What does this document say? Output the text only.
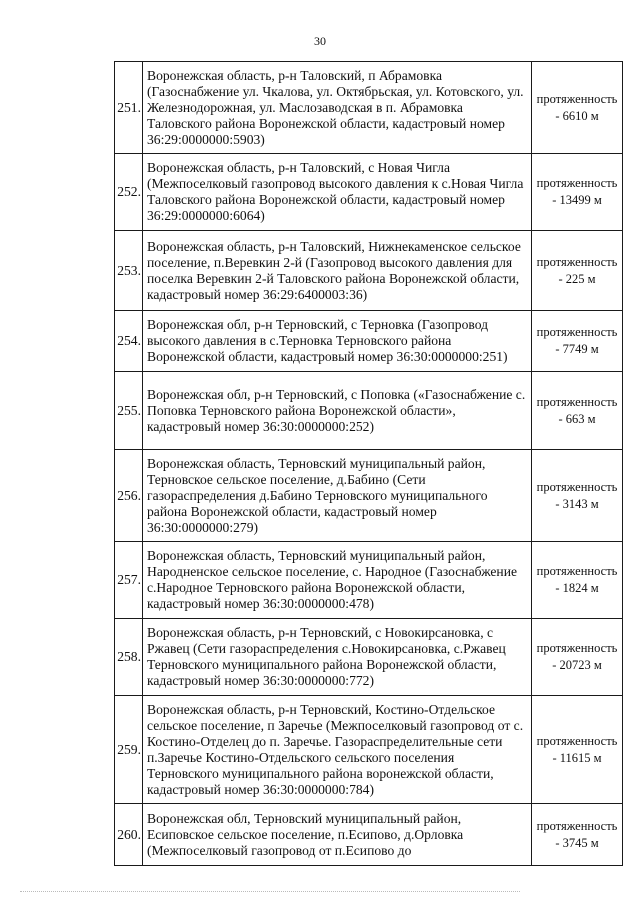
30
251.	Воронежская область, р-н Таловский, п Абрамовка (Газоснабжение ул. Чкалова, ул. Октябрьская, ул. Котовского, ул. Железнодорожная, ул. Маслозаводская в п. Абрамовка Таловского района Воронежской области, кадастровый номер 36:29:0000000:5903)	протяженность
- 6610 м

252.	Воронежская область, р-н Таловский, с Новая Чигла (Межпоселковый газопровод высокого давления к с.Новая Чигла Таловского района Воронежской области, кадастровый номер 36:29:0000000:6064)	протяженность
- 13499 м

253.	Воронежская область, р-н Таловский, Нижнекаменское сельское поселение, п.Веревкин 2-й (Газопровод высокого давления для поселка Веревкин 2-й Таловского района Воронежской области, кадастровый номер 36:29:6400003:36)	протяженность
- 225 м

254.	Воронежская обл, р-н Терновский, с Терновка (Газопровод высокого давления в с.Терновка Терновского района Воронежской области, кадастровый номер 36:30:0000000:251)	протяженность
- 7749 м

255.	Воронежская обл, р-н Терновский, с Поповка («Газоснабжение с. Поповка Терновского района Воронежской области», кадастровый номер 36:30:0000000:252)	протяженность
- 663 м

256.	Воронежская область, Терновский муниципальный район, Терновское сельское поселение, д.Бабино (Сети газораспределения д.Бабино Терновского муниципального района Воронежской области, кадастровый номер 36:30:0000000:279)	протяженность
- 3143 м

257.	Воронежская область, Терновский муниципальный район, Народненское сельское поселение, с. Народное (Газоснабжение с.Народное Терновского района Воронежской области, кадастровый номер 36:30:0000000:478)	протяженность
- 1824 м

258.	Воронежская область, р-н Терновский, с Новокирсановка, с Ржавец (Сети газораспределения с.Новокирсановка, с.Ржавец Терновского муниципального района Воронежской области, кадастровый номер 36:30:0000000:772)	протяженность
- 20723 м

259.	Воронежская область, р-н Терновский, Костино-Отдельское сельское поселение, п Заречье (Межпоселковый газопровод от с. Костино-Отделец до п. Заречье. Газораспределительные сети п.Заречье Костино-Отдельского сельского поселения Терновского муниципального района воронежской области, кадастровый номер 36:30:0000000:784)	протяженность
- 11615 м

260.	Воронежская обл, Терновский муниципальный район, Есиповское сельское поселение, п.Есипово, д.Орловка (Межпоселковый газопровод от п.Есипово до	протяженность
- 3745 м
